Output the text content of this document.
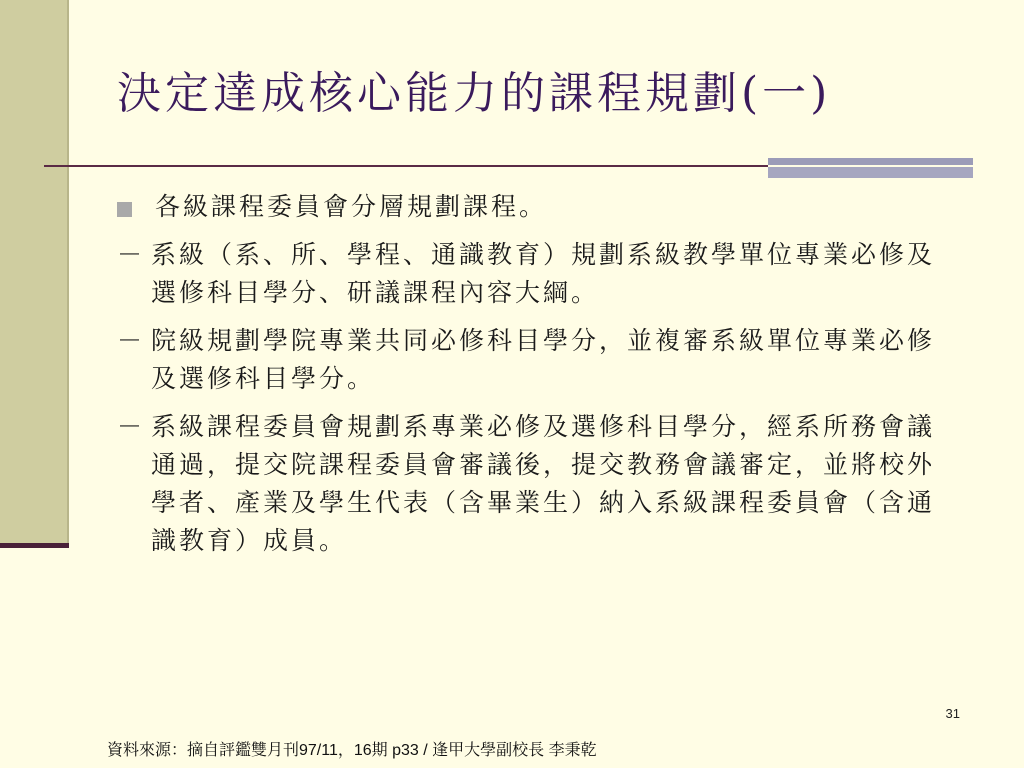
決定達成核心能力的課程規劃(一)
各級課程委員會分層規劃課程。
－ 系級（系、所、學程、通識教育）規劃系級教學單位專業必修及選修科目學分、研議課程內容大綱。
－ 院級規劃學院專業共同必修科目學分，並複審系級單位專業必修及選修科目學分。
－ 系級課程委員會規劃系專業必修及選修科目學分，經系所務會議通過，提交院課程委員會審議後，提交教務會議審定，並將校外學者、產業及學生代表（含畢業生）納入系級課程委員會（含通識教育）成員。
31
資料來源：摘自評鑑雙月刊97/11，16期 p33 / 逢甲大學副校長 李秉乾
